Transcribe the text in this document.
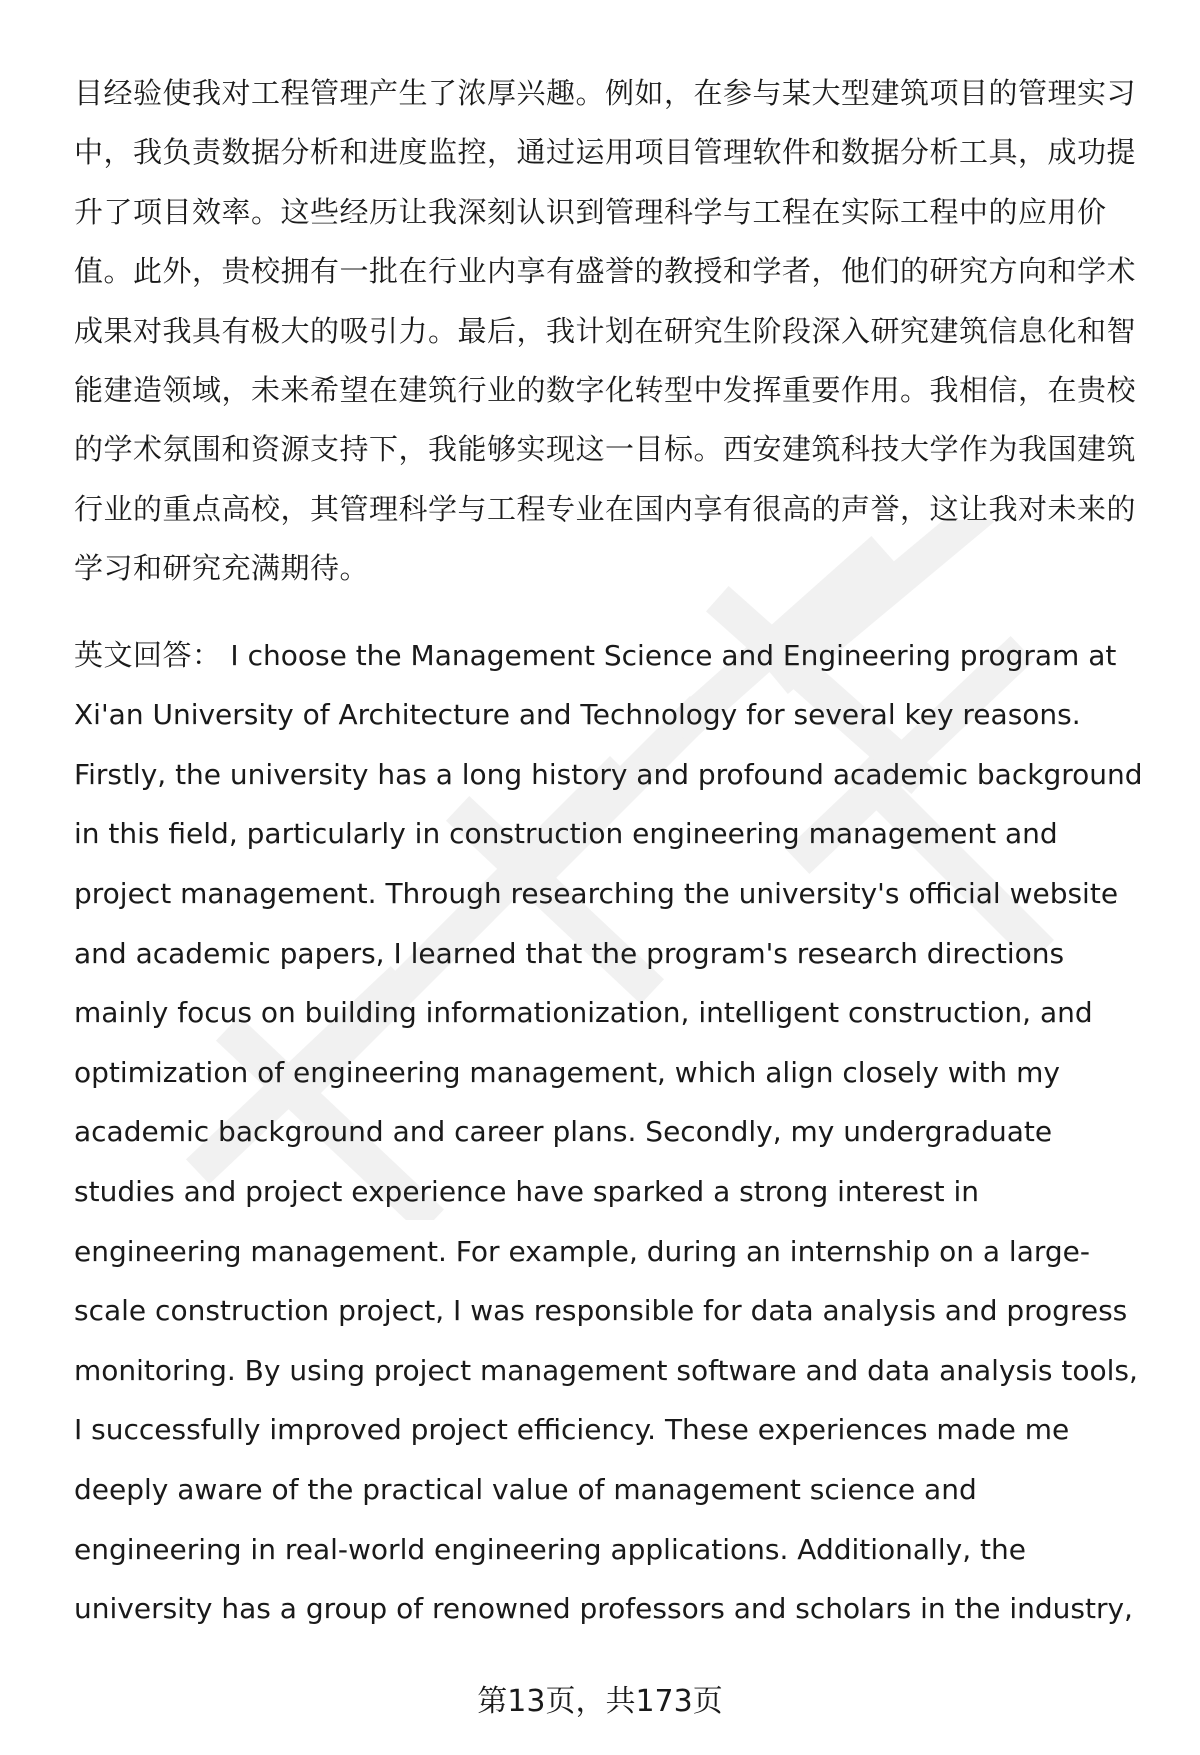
目经验使我对工程管理产生了浓厚兴趣。例如，在参与某大型建筑项目的管理实习
中，我负责数据分析和进度监控，通过运用项目管理软件和数据分析工具，成功提
升了项目效率。这些经历让我深刻认识到管理科学与工程在实际工程中的应用价
值。此外，贵校拥有一批在行业内享有盛誉的教授和学者，他们的研究方向和学术
成果对我具有极大的吸引力。最后，我计划在研究生阶段深入研究建筑信息化和智
能建造领域，未来希望在建筑行业的数字化转型中发挥重要作用。我相信，在贵校
的学术氛围和资源支持下，我能够实现这一目标。西安建筑科技大学作为我国建筑
行业的重点高校，其管理科学与工程专业在国内享有很高的声誉，这让我对未来的
学习和研究充满期待。

英文回答： I choose the Management Science and Engineering program at
Xi'an University of Architecture and Technology for several key reasons.
Firstly, the university has a long history and profound academic background
in this field, particularly in construction engineering management and
project management. Through researching the university's official website
and academic papers, I learned that the program's research directions
mainly focus on building informationization, intelligent construction, and
optimization of engineering management, which align closely with my
academic background and career plans. Secondly, my undergraduate
studies and project experience have sparked a strong interest in
engineering management. For example, during an internship on a large-
scale construction project, I was responsible for data analysis and progress
monitoring. By using project management software and data analysis tools,
I successfully improved project efficiency. These experiences made me
deeply aware of the practical value of management science and
engineering in real-world engineering applications. Additionally, the
university has a group of renowned professors and scholars in the industry,

第13页，共173页
